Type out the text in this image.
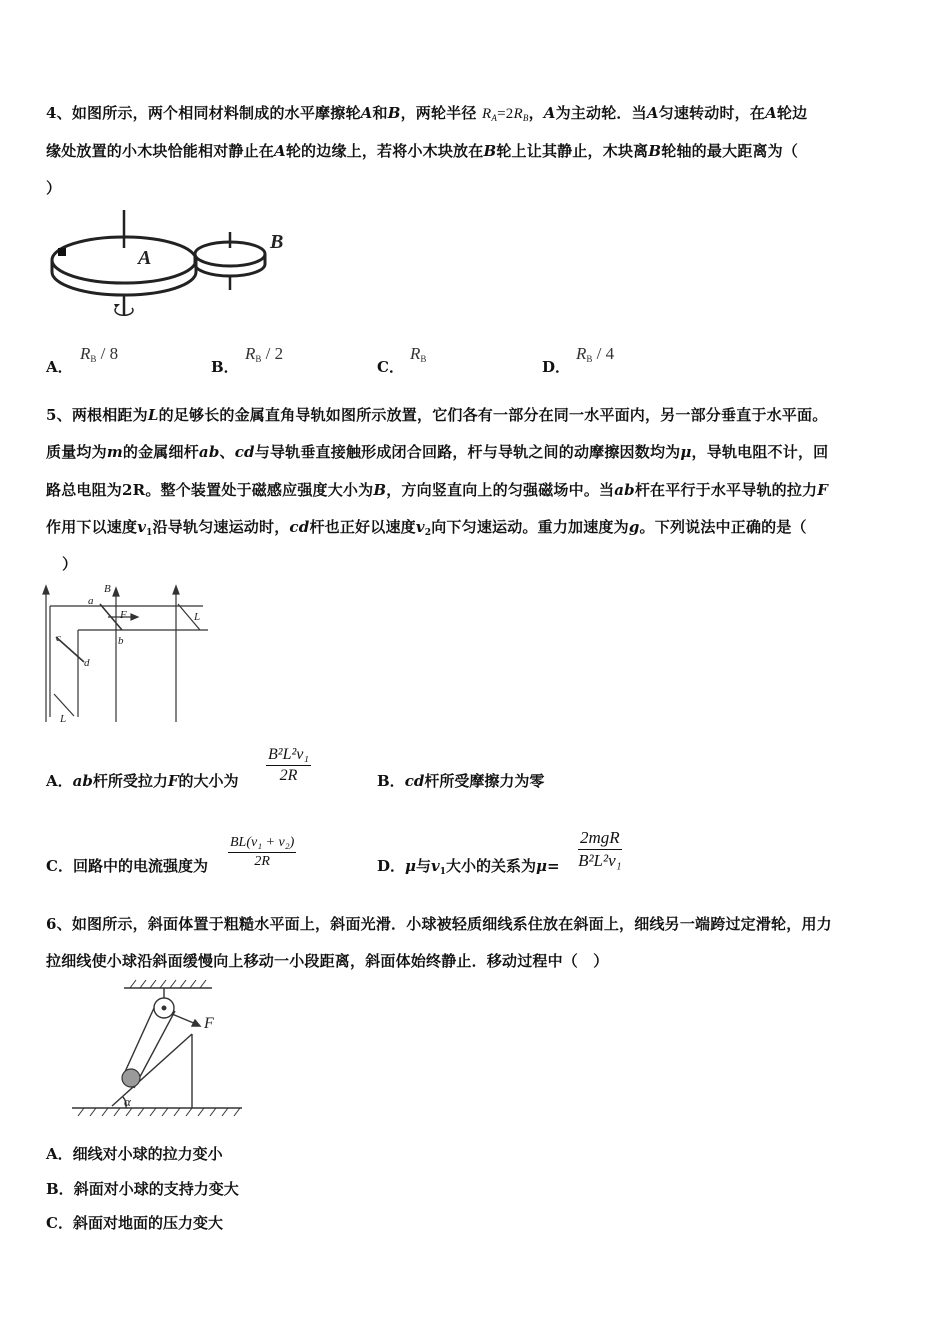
4、如图所示，两个相同材料制成的水平摩擦轮A和B，两轮半径 $R_A=2R_B$，A为主动轮．当A匀速转动时，在A轮边
缘处放置的小木块恰能相对静止在A轮的边缘上，若将小木块放在B轮上让其静止，木块离B轮轴的最大距离为（
）
A
B
A．
$R_B / 8$
B．
$R_B / 2$
C．
$R_B$	D．
$R_B / 4$
5、两根相距为L的足够长的金属直角导轨如图所示放置，它们各有一部分在同一水平面内，另一部分垂直于水平面。
质量均为m的金属细杆ab、cd与导轨垂直接触形成闭合回路，杆与导轨之间的动摩擦因数均为μ，导轨电阻不计，回
路总电阻为2R。整个装置处于磁感应强度大小为B，方向竖直向上的匀强磁场中。当ab杆在平行于水平导轨的拉力F
作用下以速度$v_1$沿导轨匀速运动时，cd杆也正好以速度$v_2$向下匀速运动。重力加速度为g。下列说法中正确的是（
）
B
a
F	L
c	b
d
L
A．ab杆所受拉力F的大小为 $\frac{\text{B²L²v₁}}{2R}$	B．cd杆所受摩擦力为零
C．回路中的电流强度为 $\frac{\text{BL(v₁ + v₂)}}{2R}$	D．μ与$v_1$大小的关系为μ=
2mgR
B²L²v₁
6、如图所示，斜面体置于粗糙水平面上，斜面光滑．小球被轻质细线系住放在斜面上，细线另一端跨过定滑轮，用力
拉细线使小球沿斜面缓慢向上移动一小段距离，斜面体始终静止．移动过程中（　）
F
α
A．细线对小球的拉力变小
B．斜面对小球的支持力变大
C．斜面对地面的压力变大
